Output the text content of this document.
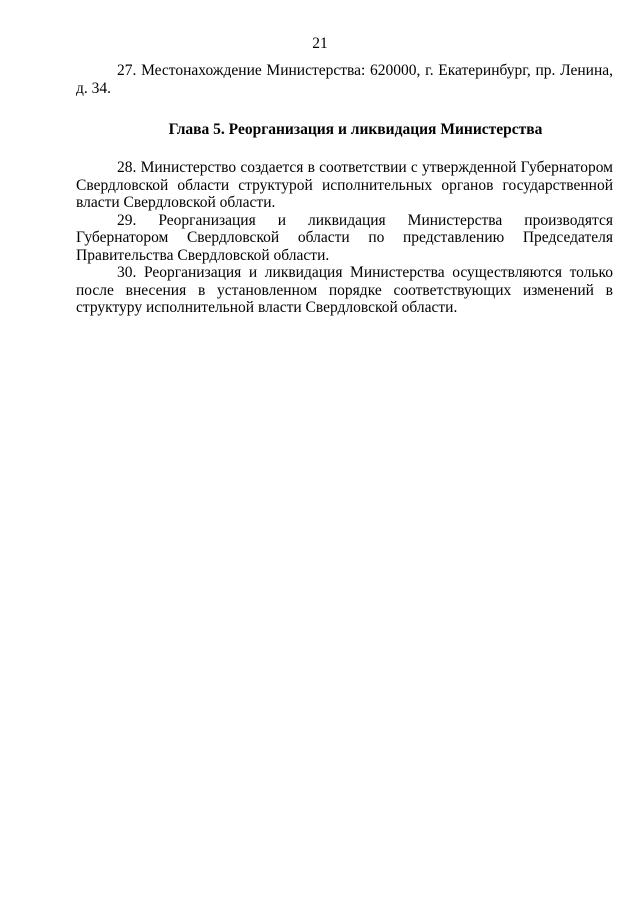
21

27. Местонахождение Министерства: 620000, г. Екатеринбург, пр. Ленина, д. 34.

Глава 5. Реорганизация и ликвидация Министерства

28. Министерство создается в соответствии с утвержденной Губернатором Свердловской области структурой исполнительных органов государственной власти Свердловской области.

29. Реорганизация и ликвидация Министерства производятся Губернатором Свердловской области по представлению Председателя Правительства Свердловской области.

30. Реорганизация и ликвидация Министерства осуществляются только после внесения в установленном порядке соответствующих изменений в структуру исполнительной власти Свердловской области.
